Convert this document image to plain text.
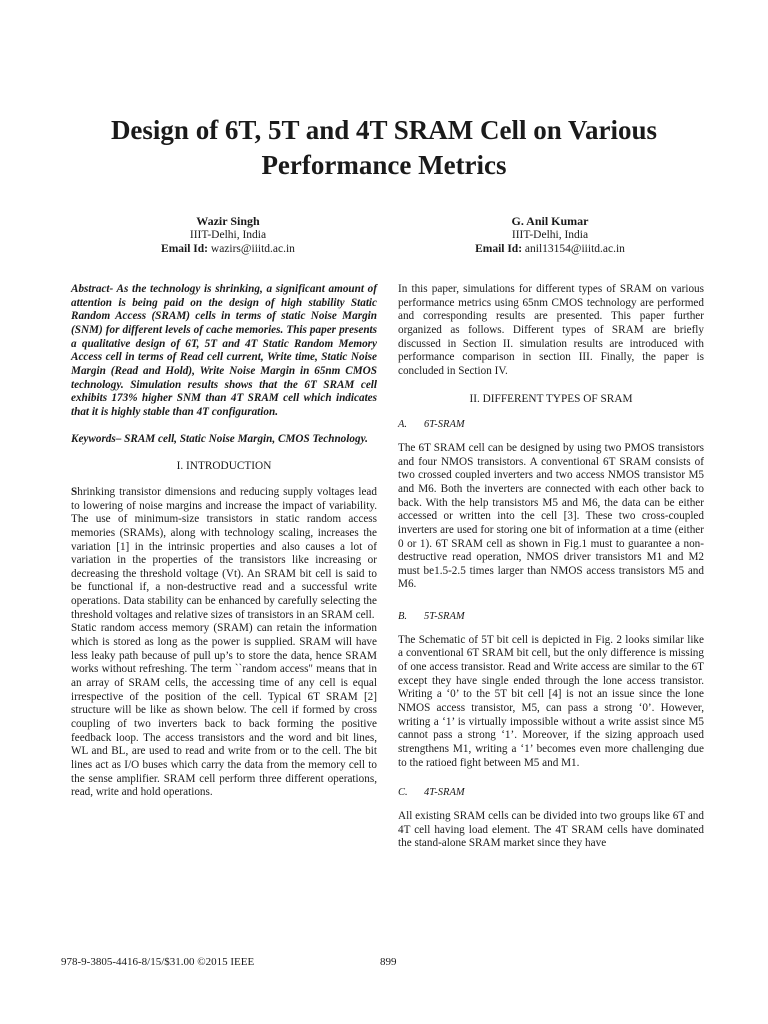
Design of 6T, 5T and 4T SRAM Cell on Various
Performance Metrics
Wazir Singh
IIIT-Delhi, India
Email Id: wazirs@iiitd.ac.in
G. Anil Kumar
IIIT-Delhi, India
Email Id: anil13154@iiitd.ac.in

Abstract- As the technology is shrinking, a significant amount of attention is being paid on the design of high stability Static Random Access (SRAM) cells in terms of static Noise Margin (SNM) for different levels of cache memories. This paper presents a qualitative design of 6T, 5T and 4T Static Random Memory Access cell in terms of Read cell current, Write time, Static Noise Margin (Read and Hold), Write Noise Margin in 65nm CMOS technology. Simulation results shows that the 6T SRAM cell exhibits 173% higher SNM than 4T SRAM cell which indicates that it is highly stable than 4T configuration.

Keywords– SRAM cell, Static Noise Margin, CMOS Technology.

I. INTRODUCTION

Shrinking transistor dimensions and reducing supply voltages lead to lowering of noise margins and increase the impact of variability. The use of minimum-size transistors in static random access memories (SRAMs), along with technology scaling, increases the variation [1] in the intrinsic properties and also causes a lot of variation in the properties of the transistors like increasing or decreasing the threshold voltage (Vt). An SRAM bit cell is said to be functional if, a non-destructive read and a successful write operations. Data stability can be enhanced by carefully selecting the threshold voltages and relative sizes of transistors in an SRAM cell.

Static random access memory (SRAM) can retain the information which is stored as long as the power is supplied. SRAM will have less leaky path because of pull up’s to store the data, hence SRAM works without refreshing. The term ``random access" means that in an array of SRAM cells, the accessing time of any cell is equal irrespective of the position of the cell. Typical 6T SRAM [2] structure will be like as shown below. The cell if formed by cross coupling of two inverters back to back forming the positive feedback loop. The access transistors and the word and bit lines, WL and BL, are used to read and write from or to the cell. The bit lines act as I/O buses which carry the data from the memory cell to the sense amplifier. SRAM cell perform three different operations, read, write and hold operations.

In this paper, simulations for different types of SRAM on various performance metrics using 65nm CMOS technology are performed and corresponding results are presented. This paper further organized as follows. Different types of SRAM are briefly discussed in Section II. simulation results are introduced with performance comparison in section III. Finally, the paper is concluded in Section IV.

II. DIFFERENT TYPES OF SRAM

A. 6T-SRAM

The 6T SRAM cell can be designed by using two PMOS transistors and four NMOS transistors. A conventional 6T SRAM consists of two crossed coupled inverters and two access NMOS transistor M5 and M6. Both the inverters are connected with each other back to back. With the help transistors M5 and M6, the data can be either accessed or written into the cell [3]. These two cross-coupled inverters are used for storing one bit of information at a time (either 0 or 1). 6T SRAM cell as shown in Fig.1 must to guarantee a non-destructive read operation, NMOS driver transistors M1 and M2 must be1.5-2.5 times larger than NMOS access transistors M5 and M6.

B. 5T-SRAM

The Schematic of 5T bit cell is depicted in Fig. 2 looks similar like a conventional 6T SRAM bit cell, but the only difference is missing of one access transistor. Read and Write access are similar to the 6T except they have single ended through the lone access transistor. Writing a ‘0’ to the 5T bit cell [4] is not an issue since the lone NMOS access transistor, M5, can pass a strong ‘0’. However, writing a ‘1’ is virtually impossible without a write assist since M5 cannot pass a strong ‘1’. Moreover, if the sizing approach used strengthens M1, writing a ‘1’ becomes even more challenging due to the ratioed fight between M5 and M1.

C. 4T-SRAM

All existing SRAM cells can be divided into two groups like 6T and 4T cell having load element. The 4T SRAM cells have dominated the stand-alone SRAM market since they have

978-9-3805-4416-8/15/$31.00 ©2015 IEEE	899
